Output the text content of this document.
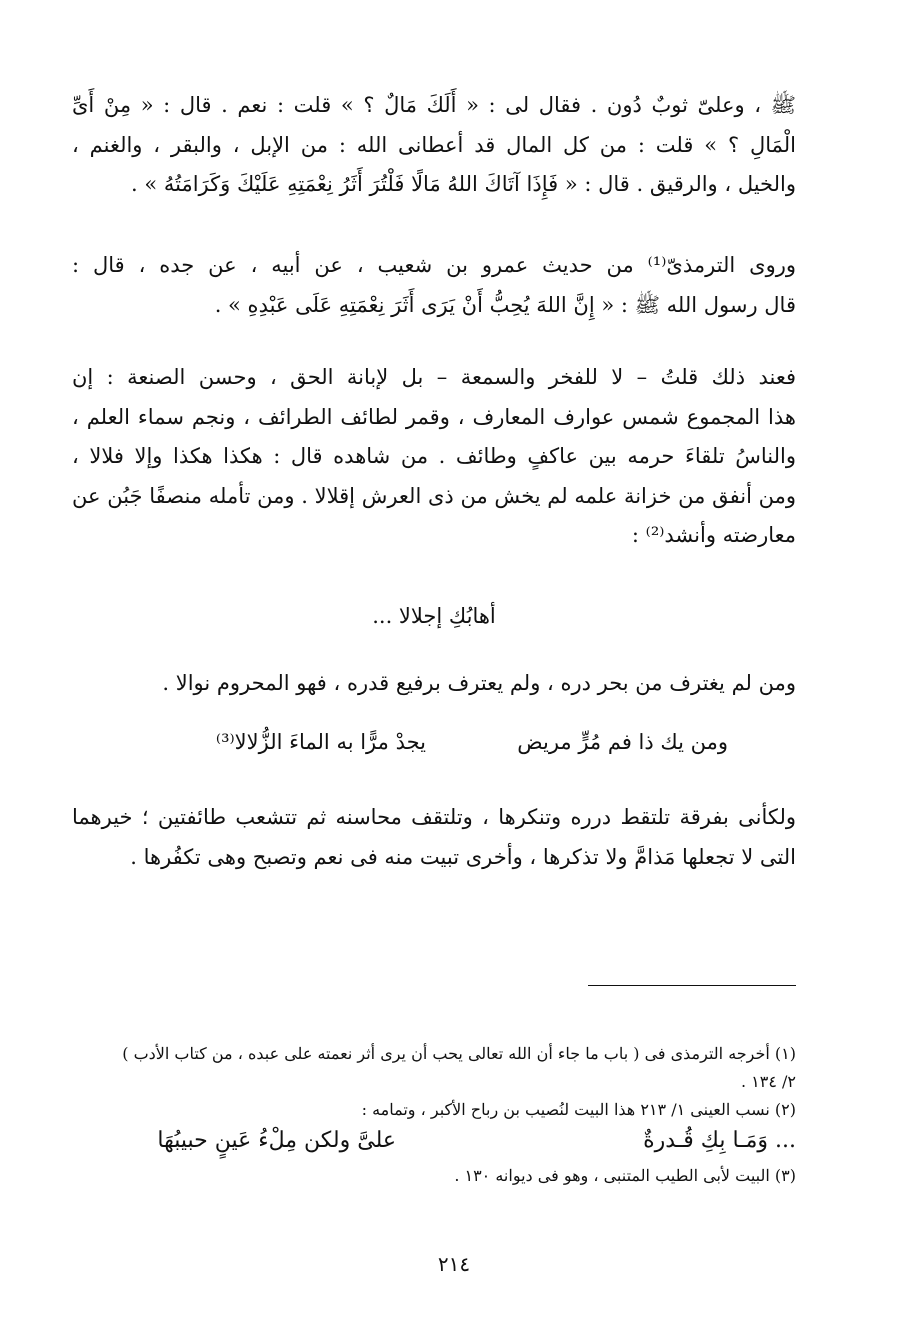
ﷺ ، وعلىّ ثوبٌ دُون . فقال لى : « أَلَكَ مَالٌ ؟ » قلت : نعم . قال : « مِنْ أَىِّ
الْمَالِ ؟ » قلت : من كل المال قد أعطانى الله : من الإبل ، والبقر ، والغنم ،
والخيل ، والرقيق . قال : « فَإِذَا آتَاكَ اللهُ مَالًا فَلْتُرَ أَثَرُ نِعْمَتِهِ عَلَيْكَ وَكَرَامَتُهُ » .
وروى الترمذىّ⁽¹⁾ من حديث عمرو بن شعيب ، عن أبيه ، عن جده ، قال :
قال رسول الله ﷺ : « إِنَّ اللهَ يُحِبُّ أَنْ يَرَى أَثَرَ نِعْمَتِهِ عَلَى عَبْدِهِ » .
فعند ذلك قلتُ – لا للفخر والسمعة – بل لإبانة الحق ، وحسن الصنعة : إن
هذا المجموع شمس عوارف المعارف ، وقمر لطائف الطرائف ، ونجم سماء العلم ،
والناسُ تلقاءَ حرمه بين عاكفٍ وطائف . من شاهده قال : هكذا هكذا وإلا فلالا ،
ومن أنفق من خزانة علمه لم يخش من ذى العرش إقلالا . ومن تأمله منصفًا جَبُن عن
معارضته وأنشد⁽²⁾ :
أهابُكِ إجلالا ...
ومن لم يغترف من بحر دره ، ولم يعترف برفيع قدره ، فهو المحروم نوالا .
ومن يك ذا فم مُرٍّ مريض
يجدْ مرًّا به الماءَ الزُّلالا⁽³⁾
ولكأنى بفرقة تلتقط درره وتنكرها ، وتلتقف محاسنه ثم تتشعب طائفتين ؛ خيرهما
التى لا تجعلها مَذامَّ ولا تذكرها ، وأخرى تبيت منه فى نعم وتصبح وهى تكفُرها .
(١) أخرجه الترمذى فى ( باب ما جاء أن الله تعالى يحب أن يرى أثر نعمته على عبده ، من كتاب الأدب )
٢/ ١٣٤ .
(٢) نسب العينى ١/ ٢١٣ هذا البيت لنُصيب بن رباح الأكبر ، وتمامه :
... وَمَـا بِكِ قُـدرةٌ
علىَّ ولكن مِلْءُ عَينٍ حبيبُهَا
(٣) البيت لأبى الطيب المتنبى ، وهو فى ديوانه ١٣٠ .
٢١٤
